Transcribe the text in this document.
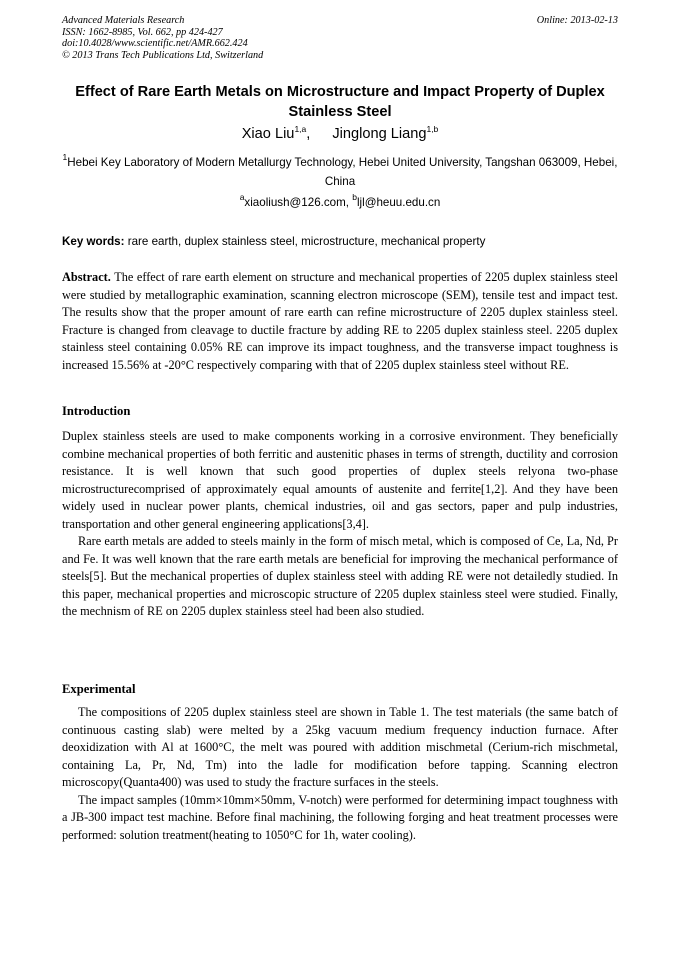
Advanced Materials Research
ISSN: 1662-8985, Vol. 662, pp 424-427
doi:10.4028/www.scientific.net/AMR.662.424
© 2013 Trans Tech Publications Ltd, Switzerland
Online: 2013-02-13
Effect of Rare Earth Metals on Microstructure and Impact Property of Duplex Stainless Steel
Xiao Liu$^{1,a}$, Jinglong Liang$^{1,b}$
$^1$Hebei Key Laboratory of Modern Metallurgy Technology, Hebei United University, Tangshan 063009, Hebei, China
$^a$xiaoliush@126.com, $^b$ljl@heuu.edu.cn
Key words: rare earth, duplex stainless steel, microstructure, mechanical property
Abstract. The effect of rare earth element on structure and mechanical properties of 2205 duplex stainless steel were studied by metallographic examination, scanning electron microscope (SEM), tensile test and impact test. The results show that the proper amount of rare earth can refine microstructure of 2205 duplex stainless steel. Fracture is changed from cleavage to ductile fracture by adding RE to 2205 duplex stainless steel. 2205 duplex stainless steel containing 0.05% RE can improve its impact toughness, and the transverse impact toughness is increased 15.56% at -20°C respectively comparing with that of 2205 duplex stainless steel without RE.
Introduction

Duplex stainless steels are used to make components working in a corrosive environment. They beneficially combine mechanical properties of both ferritic and austenitic phases in terms of strength, ductility and corrosion resistance. It is well known that such good properties of duplex steels relyona two-phase microstructurecomprised of approximately equal amounts of austenite and ferrite[1,2]. And they have been widely used in nuclear power plants, chemical industries, oil and gas sectors, paper and pulp industries, transportation and other general engineering applications[3,4].

Rare earth metals are added to steels mainly in the form of misch metal, which is composed of Ce, La, Nd, Pr and Fe. It was well known that the rare earth metals are beneficial for improving the mechanical performance of steels[5]. But the mechanical properties of duplex stainless steel with adding RE were not detailedly studied. In this paper, mechanical properties and microscopic structure of 2205 duplex stainless steel were studied. Finally, the mechnism of RE on 2205 duplex stainless steel had been also studied.

Experimental

The compositions of 2205 duplex stainless steel are shown in Table 1. The test materials (the same batch of continuous casting slab) were melted by a 25kg vacuum medium frequency induction furnace. After deoxidization with Al at 1600°C, the melt was poured with addition mischmetal (Cerium-rich mischmetal, containing La, Pr, Nd, Tm) into the ladle for modification before tapping. Scanning electron microscopy(Quanta400) was used to study the fracture surfaces in the steels.

The impact samples (10mm×10mm×50mm, V-notch) were performed for determining impact toughness with a JB-300 impact test machine. Before final machining, the following forging and heat treatment processes were performed: solution treatment(heating to 1050°C for 1h, water cooling).
